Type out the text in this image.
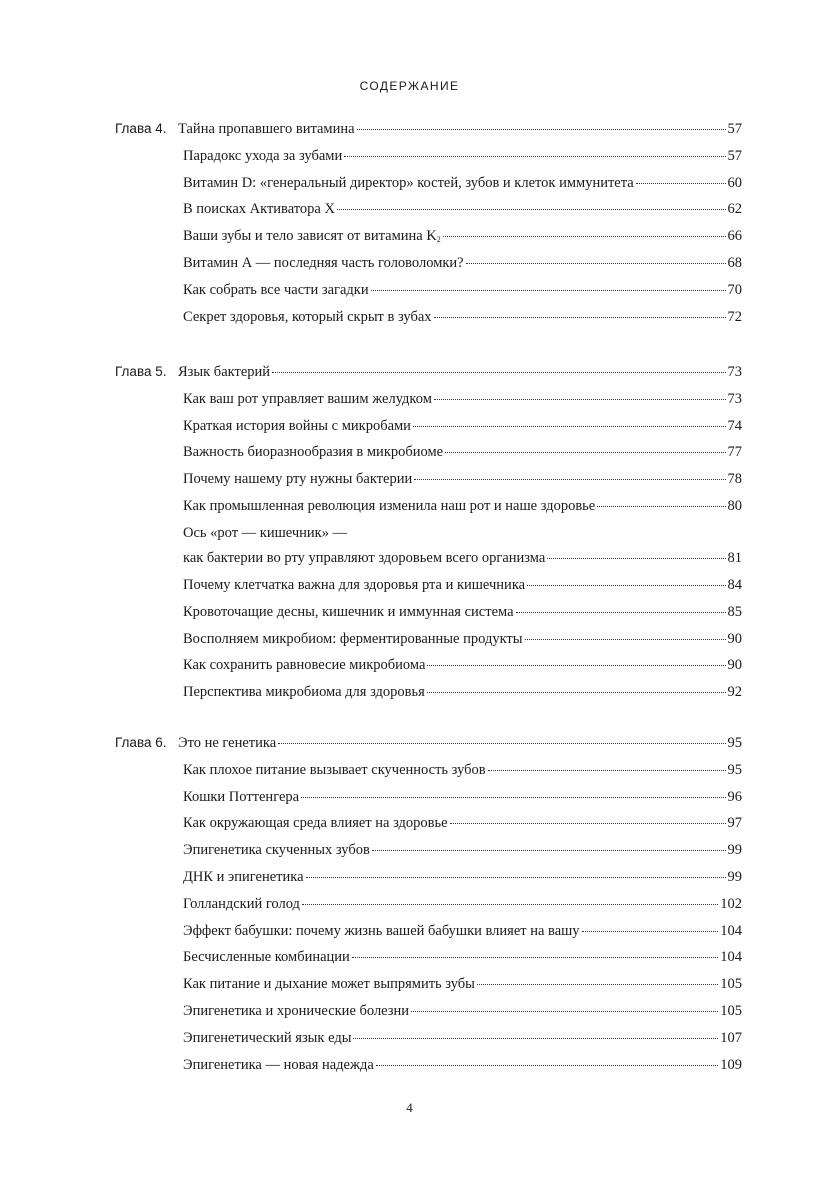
СОДЕРЖАНИЕ
Глава 4. Тайна пропавшего витамина	57
Парадокс ухода за зубами	57
Витамин D: «генеральный директор» костей, зубов и клеток иммунитета	60
В поисках Активатора X	62
Ваши зубы и тело зависят от витамина $K_2$	66
Витамин А — последняя часть головоломки?	68
Как собрать все части загадки	70
Секрет здоровья, который скрыт в зубах	72
Глава 5. Язык бактерий	73
Как ваш рот управляет вашим желудком	73
Краткая история войны с микробами	74
Важность биоразнообразия в микробиоме	77
Почему нашему рту нужны бактерии	78
Как промышленная революция изменила наш рот и наше здоровье	80
Ось «рот — кишечник» —
как бактерии во рту управляют здоровьем всего организма	81
Почему клетчатка важна для здоровья рта и кишечника	84
Кровоточащие десны, кишечник и иммунная система	85
Восполняем микробиом: ферментированные продукты	90
Как сохранить равновесие микробиома	90
Перспектива микробиома для здоровья	92
Глава 6. Это не генетика	95
Как плохое питание вызывает скученность зубов	95
Кошки Поттенгера	96
Как окружающая среда влияет на здоровье	97
Эпигенетика скученных зубов	99
ДНК и эпигенетика	99
Голландский голод	102
Эффект бабушки: почему жизнь вашей бабушки влияет на вашу	104
Бесчисленные комбинации	104
Как питание и дыхание может выпрямить зубы	105
Эпигенетика и хронические болезни	105
Эпигенетический язык еды	107
Эпигенетика — новая надежда	109
4
